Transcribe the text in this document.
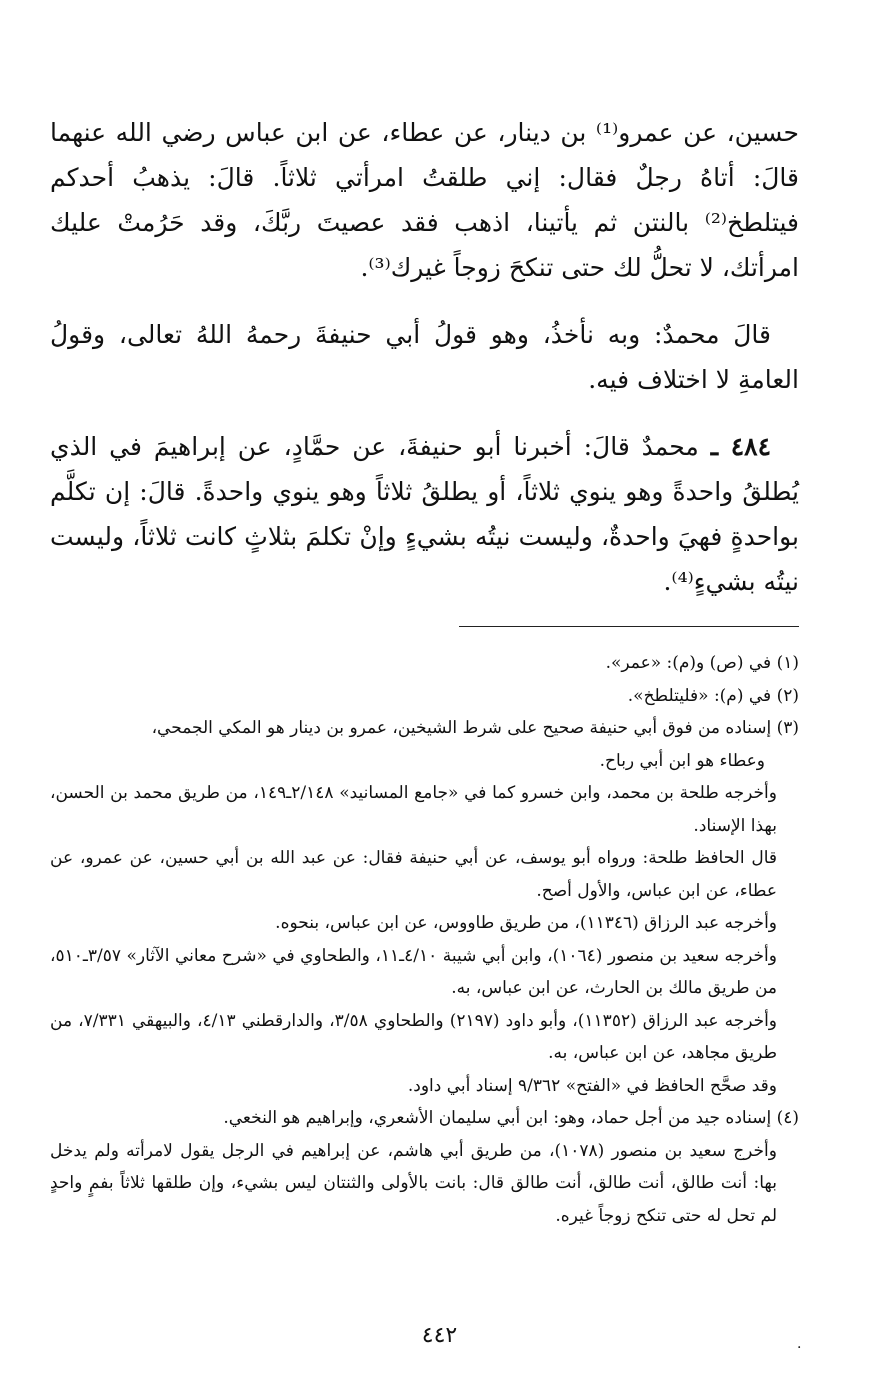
حسين، عن عمرو⁽¹⁾ بن دينار، عن عطاء، عن ابن عباس رضي الله عنهما قالَ: أتاهُ رجلٌ فقال: إني طلقتُ امرأتي ثلاثاً. قالَ: يذهبُ أحدكم فيتلطخ⁽²⁾ بالنتن ثم يأتينا، اذهب فقد عصيتَ ربَّكَ، وقد حَرُمتْ عليك امرأتك، لا تحلُّ لك حتى تنكحَ زوجاً غيرك⁽³⁾.

قالَ محمدٌ: وبه نأخذُ، وهو قولُ أبي حنيفةَ رحمهُ اللهُ تعالى، وقولُ العامةِ لا اختلاف فيه.

٤٨٤ ـ محمدٌ قالَ: أخبرنا أبو حنيفةَ، عن حمَّادٍ، عن إبراهيمَ في الذي يُطلقُ واحدةً وهو ينوي ثلاثاً، أو يطلقُ ثلاثاً وهو ينوي واحدةً. قالَ: إن تكلَّم بواحدةٍ فهيَ واحدةٌ، وليست نيتُه بشيءٍ وإنْ تكلمَ بثلاثٍ كانت ثلاثاً، وليست نيتُه بشيءٍ⁽⁴⁾.

(١) في (ص) و(م): «عمر».

(٢) في (م): «فليتلطخ».

(٣) إسناده من فوق أبي حنيفة صحيح على شرط الشيخين، عمرو بن دينار هو المكي الجمحي،

وعطاء هو ابن أبي رباح.

وأخرجه طلحة بن محمد، وابن خسرو كما في «جامع المسانيد» ٢/١٤٨ـ١٤٩، من طريق محمد بن الحسن، بهذا الإسناد.

قال الحافظ طلحة: ورواه أبو يوسف، عن أبي حنيفة فقال: عن عبد الله بن أبي حسين، عن عمرو، عن عطاء، عن ابن عباس، والأول أصح.

وأخرجه عبد الرزاق (١١٣٤٦)، من طريق طاووس، عن ابن عباس، بنحوه.

وأخرجه سعيد بن منصور (١٠٦٤)، وابن أبي شيبة ٤/١٠ـ١١، والطحاوي في «شرح معاني الآثار» ٣/٥٧ـ٥١٠، من طريق مالك بن الحارث، عن ابن عباس، به.

وأخرجه عبد الرزاق (١١٣٥٢)، وأبو داود (٢١٩٧) والطحاوي ٣/٥٨، والدارقطني ٤/١٣، والبيهقي ٧/٣٣١، من طريق مجاهد، عن ابن عباس، به.

وقد صحَّح الحافظ في «الفتح» ٩/٣٦٢ إسناد أبي داود.

(٤) إسناده جيد من أجل حماد، وهو: ابن أبي سليمان الأشعري، وإبراهيم هو النخعي.

وأخرج سعيد بن منصور (١٠٧٨)، من طريق أبي هاشم، عن إبراهيم في الرجل يقول لامرأته ولم يدخل بها: أنت طالق، أنت طالق، أنت طالق قال: بانت بالأولى والثنتان ليس بشيء، وإن طلقها ثلاثاً بفمٍ واحدٍ لم تحل له حتى تنكح زوجاً غيره.

٤٤٢	·
